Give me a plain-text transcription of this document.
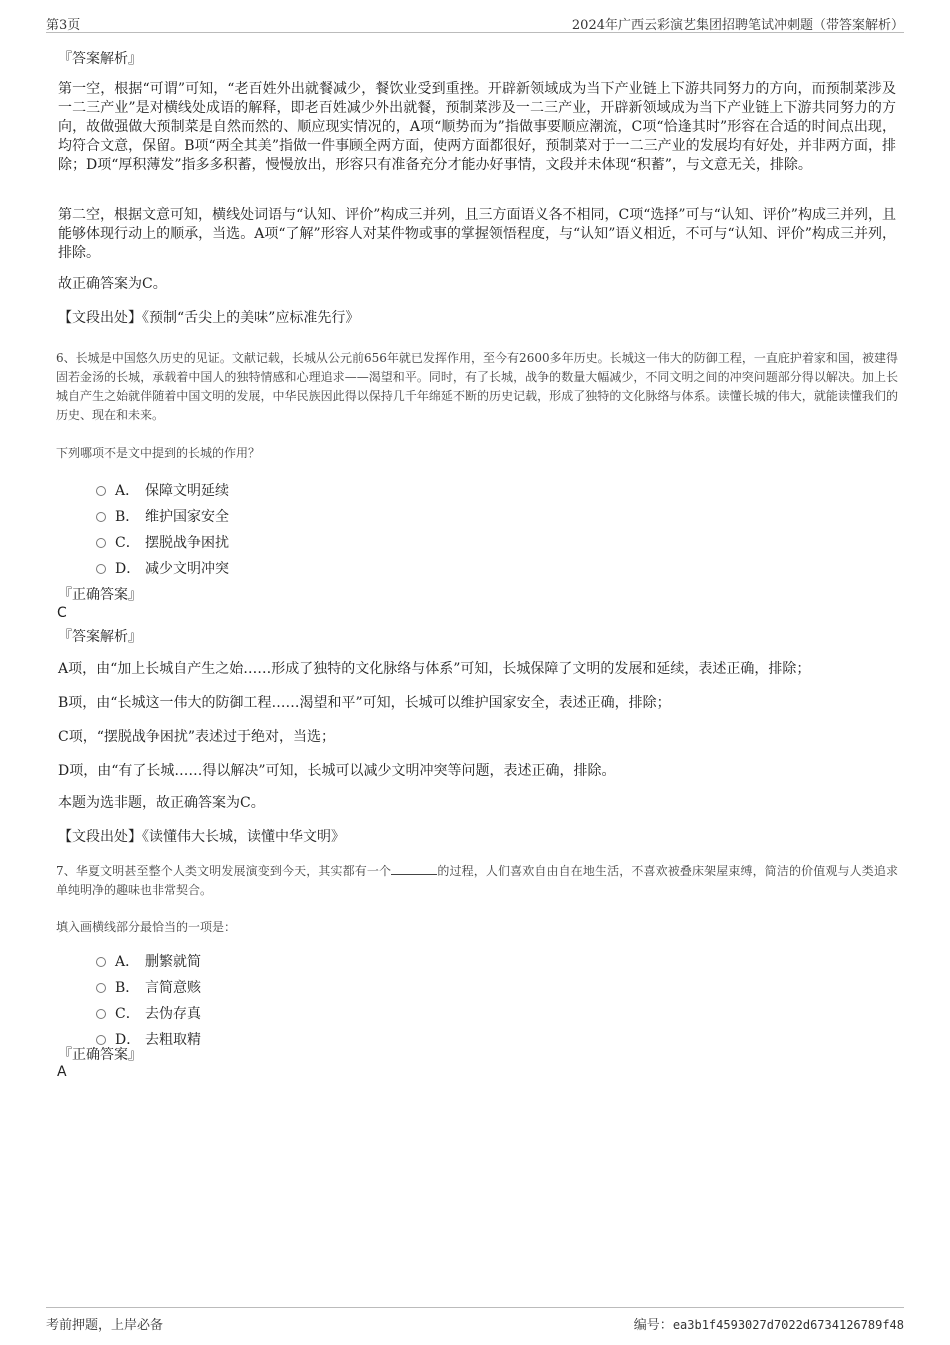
第3页	2024年广西云彩演艺集团招聘笔试冲刺题（带答案解析）
『答案解析』
第一空，根据“可谓”可知，“老百姓外出就餐减少，餐饮业受到重挫。开辟新领域成为当下产业链上下游共同努力的方向，而预制菜涉及一二三产业”是对横线处成语的解释，即老百姓减少外出就餐，预制菜涉及一二三产业，开辟新领域成为当下产业链上下游共同努力的方向，故做强做大预制菜是自然而然的、顺应现实情况的，A项“顺势而为”指做事要顺应潮流，C项“恰逢其时”形容在合适的时间点出现，均符合文意，保留。B项“两全其美”指做一件事顾全两方面，使两方面都很好，预制菜对于一二三产业的发展均有好处，并非两方面，排除；D项“厚积薄发”指多多积蓄，慢慢放出，形容只有准备充分才能办好事情，文段并未体现“积蓄”，与文意无关，排除。
第二空，根据文意可知，横线处词语与“认知、评价”构成三并列，且三方面语义各不相同，C项“选择”可与“认知、评价”构成三并列，且能够体现行动上的顺承，当选。A项“了解”形容人对某件物或事的掌握领悟程度，与“认知”语义相近，不可与“认知、评价”构成三并列，排除。
故正确答案为C。
【文段出处】《预制“舌尖上的美味”应标准先行》
6、长城是中国悠久历史的见证。文献记载，长城从公元前656年就已发挥作用，至今有2600多年历史。长城这一伟大的防御工程，一直庇护着家和国，被建得固若金汤的长城，承载着中国人的独特情感和心理追求——渴望和平。同时，有了长城，战争的数量大幅减少，不同文明之间的冲突问题部分得以解决。加上长城自产生之始就伴随着中国文明的发展，中华民族因此得以保持几千年绵延不断的历史记载，形成了独特的文化脉络与体系。读懂长城的伟大，就能读懂我们的历史、现在和未来。
下列哪项不是文中提到的长城的作用？
A． 保障文明延续
B． 维护国家安全
C． 摆脱战争困扰
D． 减少文明冲突
『正确答案』
C
『答案解析』
A项，由“加上长城自产生之始……形成了独特的文化脉络与体系”可知，长城保障了文明的发展和延续，表述正确，排除；
B项，由“长城这一伟大的防御工程……渴望和平”可知，长城可以维护国家安全，表述正确，排除；
C项，“摆脱战争困扰”表述过于绝对，当选；
D项，由“有了长城……得以解决”可知，长城可以减少文明冲突等问题，表述正确，排除。
本题为选非题，故正确答案为C。
【文段出处】《读懂伟大长城，读懂中华文明》
7、华夏文明甚至整个人类文明发展演变到今天，其实都有一个	的过程，人们喜欢自由自在地生活，不喜欢被叠床架屋束缚，简洁的价值观与人类追求单纯明净的趣味也非常契合。
填入画横线部分最恰当的一项是：
A． 删繁就简
B． 言简意赅
C． 去伪存真
D． 去粗取精
『正确答案』
A
考前押题，上岸必备	编号：ea3b1f4593027d7022d6734126789f48
